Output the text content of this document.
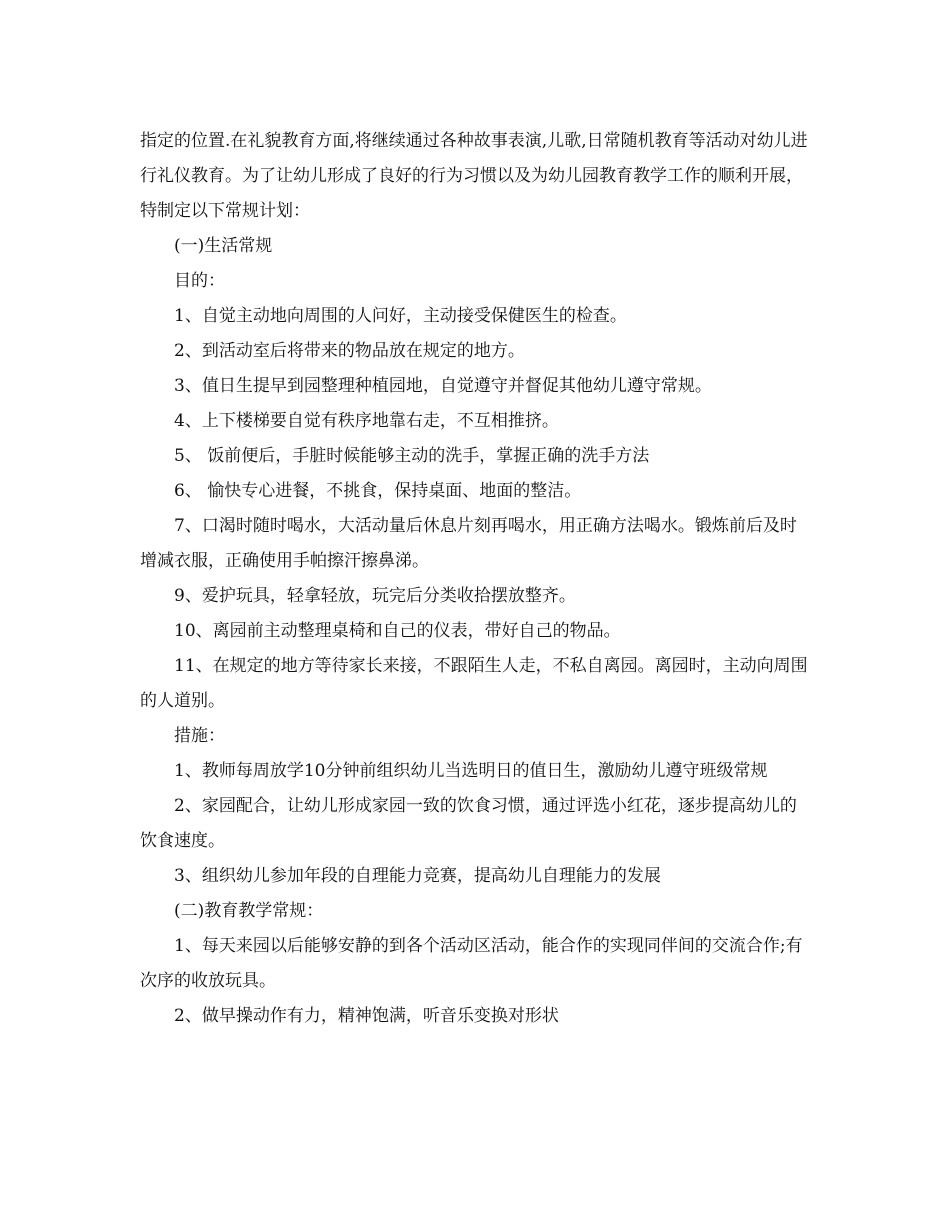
指定的位置.在礼貌教育方面,将继续通过各种故事表演,儿歌,日常随机教育等活动对幼儿进行礼仪教育。为了让幼儿形成了良好的行为习惯以及为幼儿园教育教学工作的顺利开展，特制定以下常规计划：

(一)生活常规

目的：

1、自觉主动地向周围的人问好，主动接受保健医生的检查。

2、到活动室后将带来的物品放在规定的地方。

3、值日生提早到园整理种植园地，自觉遵守并督促其他幼儿遵守常规。

4、上下楼梯要自觉有秩序地靠右走，不互相推挤。

5、 饭前便后，手脏时候能够主动的洗手，掌握正确的洗手方法

6、 愉快专心进餐，不挑食，保持桌面、地面的整洁。

7、口渴时随时喝水，大活动量后休息片刻再喝水，用正确方法喝水。锻炼前后及时增减衣服，正确使用手帕擦汗擦鼻涕。

9、爱护玩具，轻拿轻放，玩完后分类收拾摆放整齐。

10、离园前主动整理桌椅和自己的仪表，带好自己的物品。

11、在规定的地方等待家长来接，不跟陌生人走，不私自离园。离园时，主动向周围的人道别。

措施：

1、教师每周放学10分钟前组织幼儿当选明日的值日生，激励幼儿遵守班级常规

2、家园配合，让幼儿形成家园一致的饮食习惯，通过评选小红花，逐步提高幼儿的饮食速度。

3、组织幼儿参加年段的自理能力竞赛，提高幼儿自理能力的发展

(二)教育教学常规：

1、每天来园以后能够安静的到各个活动区活动，能合作的实现同伴间的交流合作;有次序的收放玩具。

2、做早操动作有力，精神饱满，听音乐变换对形状
